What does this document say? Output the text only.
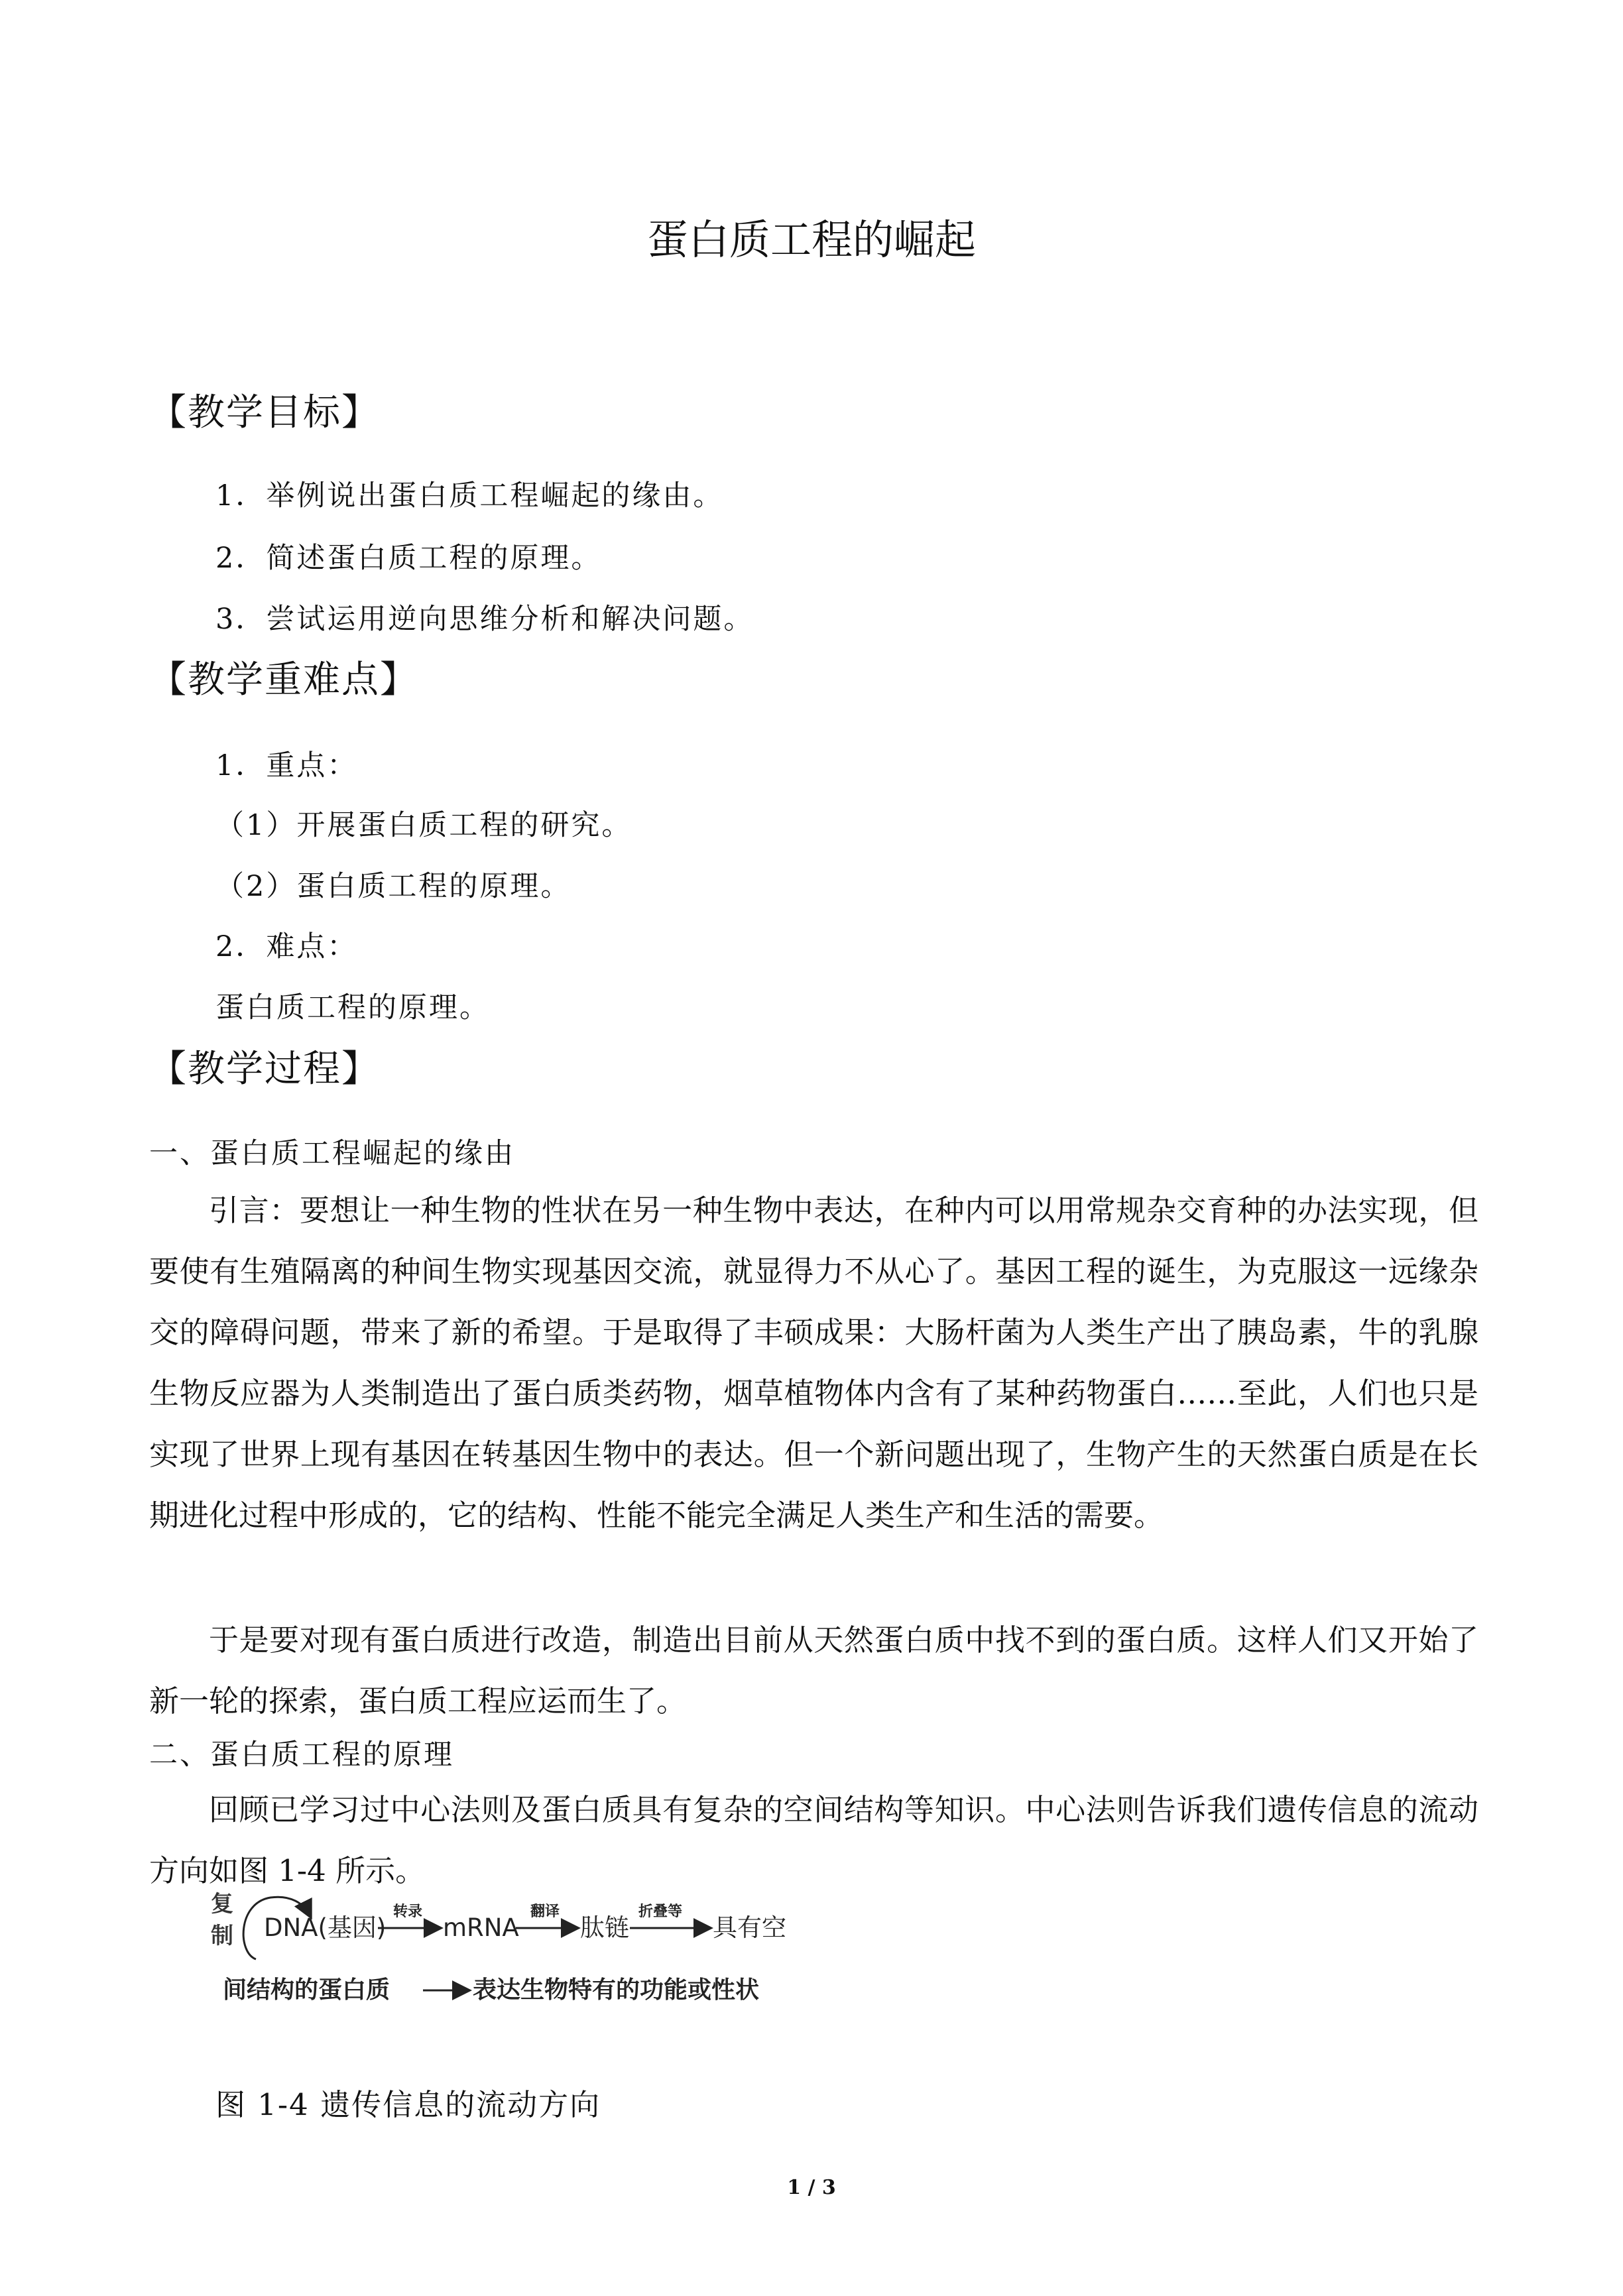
蛋白质工程的崛起
【教学目标】
1．举例说出蛋白质工程崛起的缘由。
2．简述蛋白质工程的原理。
3．尝试运用逆向思维分析和解决问题。
【教学重难点】
1．重点：
（1）开展蛋白质工程的研究。
（2）蛋白质工程的原理。
2．难点：
蛋白质工程的原理。
【教学过程】
一、蛋白质工程崛起的缘由
引言：要想让一种生物的性状在另一种生物中表达，在种内可以用常规杂交育种的办法实现，但要使有生殖隔离的种间生物实现基因交流，就显得力不从心了。基因工程的诞生，为克服这一远缘杂交的障碍问题，带来了新的希望。于是取得了丰硕成果：大肠杆菌为人类生产出了胰岛素，牛的乳腺生物反应器为人类制造出了蛋白质类药物，烟草植物体内含有了某种药物蛋白……至此，人们也只是实现了世界上现有基因在转基因生物中的表达。但一个新问题出现了，生物产生的天然蛋白质是在长期进化过程中形成的，它的结构、性能不能完全满足人类生产和生活的需要。
于是要对现有蛋白质进行改造，制造出目前从天然蛋白质中找不到的蛋白质。这样人们又开始了新一轮的探索，蛋白质工程应运而生了。
二、蛋白质工程的原理
回顾已学习过中心法则及蛋白质具有复杂的空间结构等知识。中心法则告诉我们遗传信息的流动方向如图 1-4 所示。
复
制 DNA(基因)
转录
mRNA
翻译
肽链
折叠等
具有空
间结构的蛋白质	表达生物特有的功能或性状
图 1-4 遗传信息的流动方向
1 / 3
